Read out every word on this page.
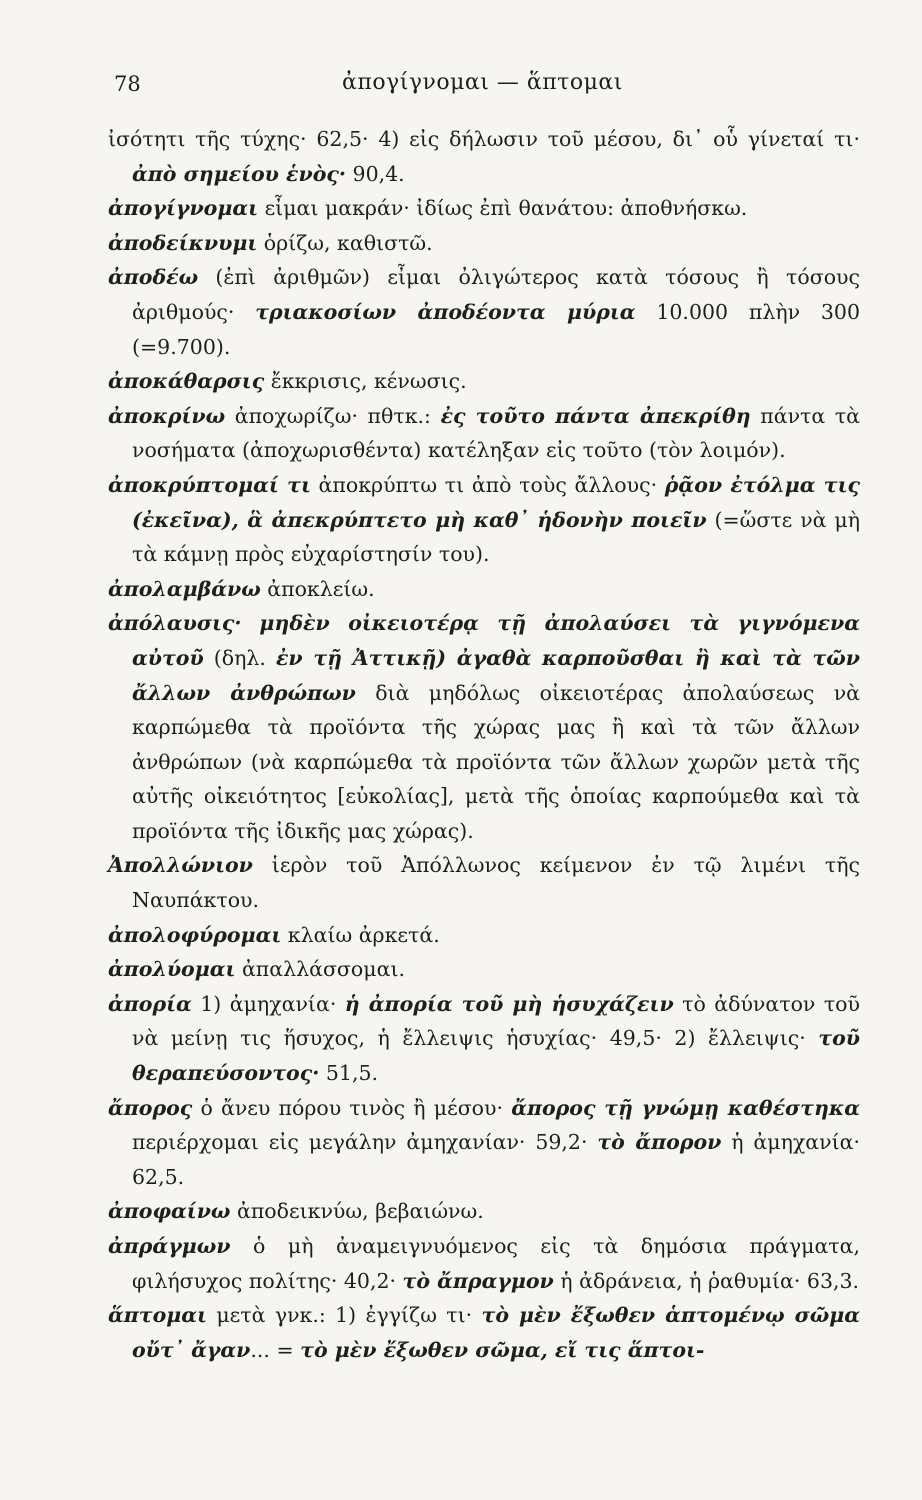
78	ἀπογίγνομαι — ἅπτομαι

ἰσότητι τῆς τύχης· 62,5· 4) εἰς δήλωσιν τοῦ μέσου, δι᾽ οὗ γίνεταί τι· ἀπὸ σημείου ἑνὸς· 90,4.

ἀπογίγνομαι εἶμαι μακράν· ἰδίως ἐπὶ θανάτου: ἀποθνήσκω.

ἀποδείκνυμι ὁρίζω, καθιστῶ.

ἀποδέω (ἐπὶ ἀριθμῶν) εἶμαι ὀλιγώτερος κατὰ τόσους ἢ τόσους ἀριθμούς· τριακοσίων ἀποδέοντα μύρια 10.000 πλὴν 300 (=9.700).

ἀποκάθαρσις ἔκκρισις, κένωσις.

ἀποκρίνω ἀποχωρίζω· πθτκ.: ἐς τοῦτο πάντα ἀπεκρίθη πάντα τὰ νοσήματα (ἀποχωρισθέντα) κατέληξαν εἰς τοῦτο (τὸν λοιμόν).

ἀποκρύπτομαί τι ἀποκρύπτω τι ἀπὸ τοὺς ἄλλους· ῥᾷον ἐτόλμα τις (ἐκεῖνα), ἃ ἀπεκρύπτετο μὴ καθ᾽ ἡδονὴν ποιεῖν (=ὥστε νὰ μὴ τὰ κάμνῃ πρὸς εὐχαρίστησίν του).

ἀπολαμβάνω ἀποκλείω.

ἀπόλαυσις· μηδὲν οἰκειοτέρᾳ τῇ ἀπολαύσει τὰ γιγνόμενα αὐτοῦ (δηλ. ἐν τῇ Ἀττικῇ) ἀγαθὰ καρποῦσθαι ἢ καὶ τὰ τῶν ἄλλων ἀνθρώπων διὰ μηδόλως οἰκειοτέρας ἀπολαύσεως νὰ καρπώμεθα τὰ προϊόντα τῆς χώρας μας ἢ καὶ τὰ τῶν ἄλλων ἀνθρώπων (νὰ καρπώμεθα τὰ προϊόντα τῶν ἄλλων χωρῶν μετὰ τῆς αὐτῆς οἰκειότητος [εὐκολίας], μετὰ τῆς ὁποίας καρπούμεθα καὶ τὰ προϊόντα τῆς ἰδικῆς μας χώρας).

Ἀπολλώνιον ἱερὸν τοῦ Ἀπόλλωνος κείμενον ἐν τῷ λιμένι τῆς Ναυπάκτου.

ἀπολοφύρομαι κλαίω ἀρκετά.

ἀπολύομαι ἀπαλλάσσομαι.

ἀπορία 1) ἀμηχανία· ἡ ἀπορία τοῦ μὴ ἡσυχάζειν τὸ ἀδύνατον τοῦ νὰ μείνῃ τις ἥσυχος, ἡ ἔλλειψις ἡσυχίας· 49,5· 2) ἔλλειψις· τοῦ θεραπεύσοντος· 51,5.

ἄπορος ὁ ἄνευ πόρου τινὸς ἢ μέσου· ἄπορος τῇ γνώμῃ καθέστηκα περιέρχομαι εἰς μεγάλην ἀμηχανίαν· 59,2· τὸ ἄπορον ἡ ἀμηχανία· 62,5.

ἀποφαίνω ἀποδεικνύω, βεβαιώνω.

ἀπράγμων ὁ μὴ ἀναμειγνυόμενος εἰς τὰ δημόσια πράγματα, φιλήσυχος πολίτης· 40,2· τὸ ἄπραγμον ἡ ἀδράνεια, ἡ ῥαθυμία· 63,3.

ἅπτομαι μετὰ γνκ.: 1) ἐγγίζω τι· τὸ μὲν ἔξωθεν ἁπτομένῳ σῶμα οὔτ᾽ ἄγαν... = τὸ μὲν ἔξωθεν σῶμα, εἴ τις ἅπτοι-
